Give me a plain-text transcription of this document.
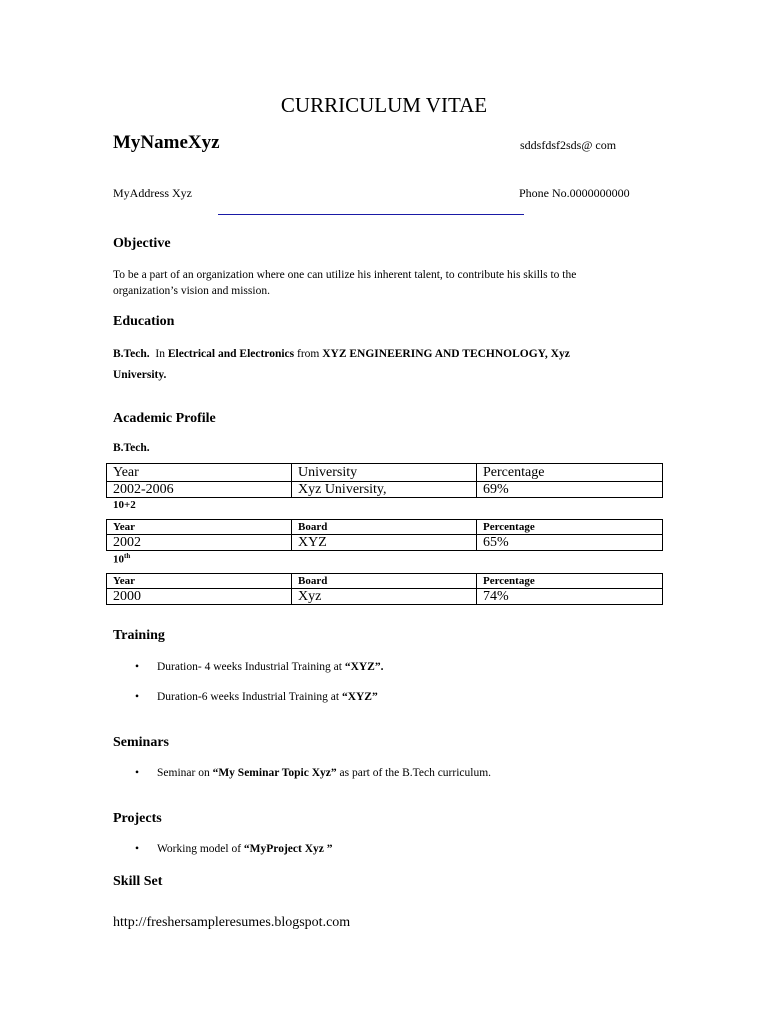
CURRICULUM VITAE
MyNameXyz	sddsfdsf2sds@ com
MyAddress Xyz	Phone No.0000000000
Objective
To be a part of an organization where one can utilize his inherent talent, to contribute his skills to the organization’s vision and mission.
Education
B.Tech. In Electrical and Electronics from XYZ ENGINEERING AND TECHNOLOGY, Xyz University.
Academic Profile
B.Tech.
Year	University	Percentage
2002-2006	Xyz University,	69%
10+2
Year	Board	Percentage
2002	XYZ	65%
10th
Year	Board	Percentage
2000	Xyz	74%
Training
• Duration- 4 weeks Industrial Training at “XYZ”.
• Duration-6 weeks Industrial Training at “XYZ”
Seminars
• Seminar on “My Seminar Topic Xyz” as part of the B.Tech curriculum.
Projects
• Working model of “MyProject Xyz ”
Skill Set
http://freshersampleresumes.blogspot.com
